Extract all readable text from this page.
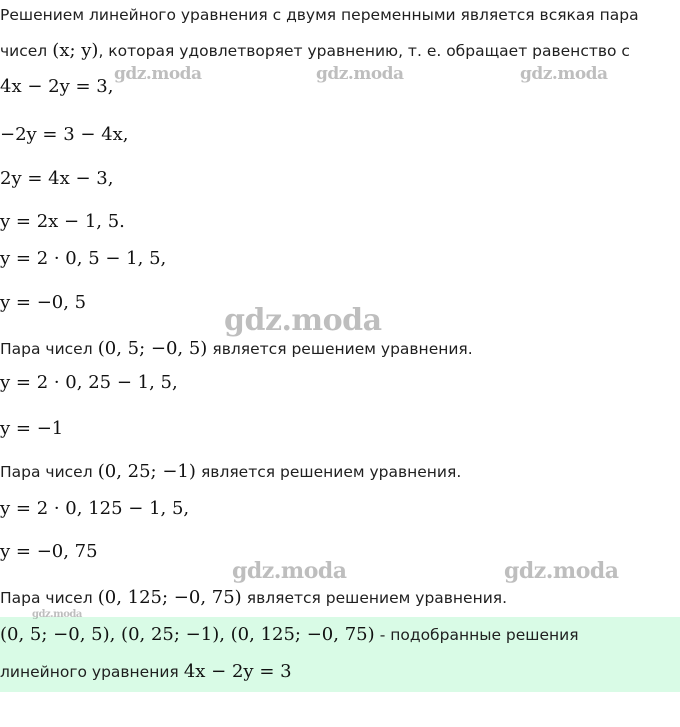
Решением линейного уравнения с двумя переменными является всякая пара
чисел (x; y), которая удовлетворяет уравнению, т. е. обращает равенство с
4x − 2y = 3,
−2y = 3 − 4x,
2y = 4x − 3,
y = 2x − 1, 5.
y = 2 · 0, 5 − 1, 5,
y = −0, 5
Пара чисел (0, 5; −0, 5) является решением уравнения.
y = 2 · 0, 25 − 1, 5,
y = −1
Пара чисел (0, 25; −1) является решением уравнения.
y = 2 · 0, 125 − 1, 5,
y = −0, 75
Пара чисел (0, 125; −0, 75) является решением уравнения.
(0, 5; −0, 5), (0, 25; −1), (0, 125; −0, 75) - подобранные решения
линейного уравнения 4x − 2y = 3
gdz.moda	gdz.moda	gdz.moda
gdz.moda
gdz.moda	gdz.moda
gdz.moda
